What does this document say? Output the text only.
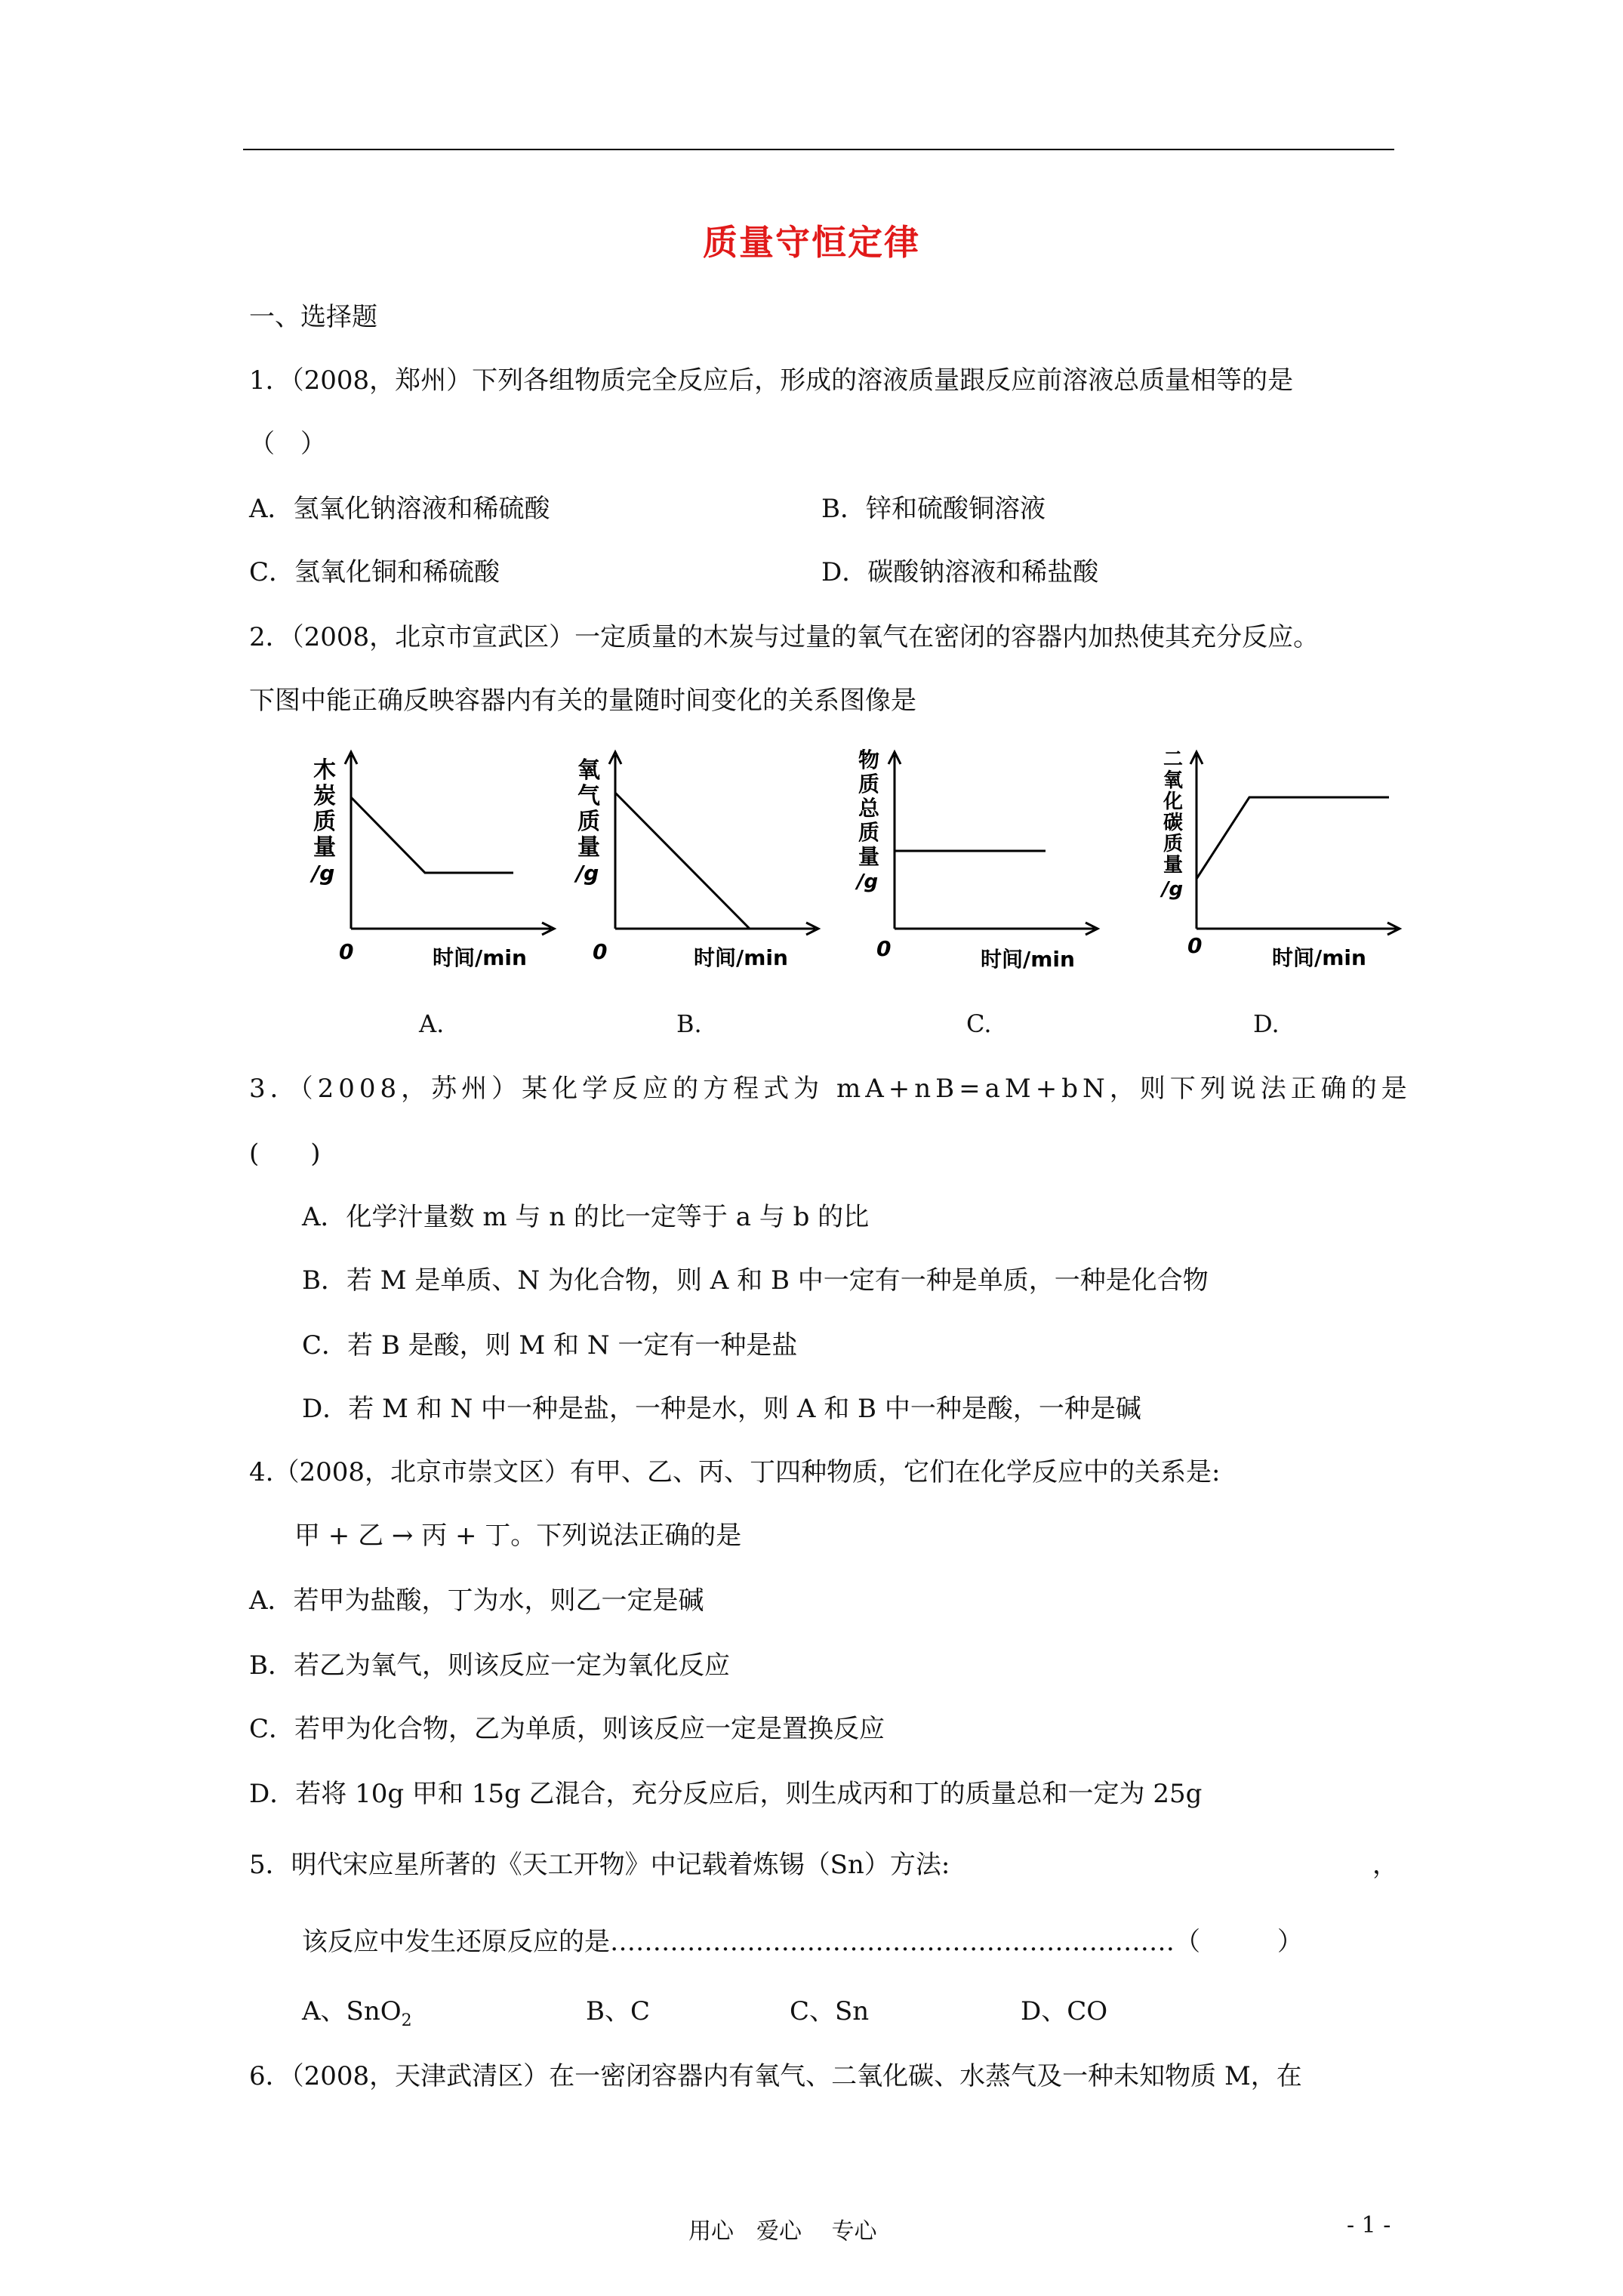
质量守恒定律
一、选择题
1．（2008，郑州）下列各组物质完全反应后，形成的溶液质量跟反应前溶液总质量相等的是
（　）
A．氢氧化钠溶液和稀硫酸	B．锌和硫酸铜溶液
C．氢氧化铜和稀硫酸	D．碳酸钠溶液和稀盐酸
2．（2008，北京市宣武区）一定质量的木炭与过量的氧气在密闭的容器内加热使其充分反应。
下图中能正确反映容器内有关的量随时间变化的关系图像是
木
炭
质
量
/g
0	时间/min
氧
气
质
量
/g
0	时间/min
物
质
总
质
量
/g
0	时间/min
二
氧
化
碳
质
量
/g
0	时间/min
A.	B.	C.	D.
3．（2008，苏州）某化学反应的方程式为 mA+nB=aM+bN，则下列说法正确的是
(　　)
A．化学汁量数 m 与 n 的比一定等于 a 与 b 的比
B．若 M 是单质、N 为化合物，则 A 和 B 中一定有一种是单质，一种是化合物
C．若 B 是酸，则 M 和 N 一定有一种是盐
D．若 M 和 N 中一种是盐，一种是水，则 A 和 B 中一种是酸，一种是碱
4.（2008，北京市崇文区）有甲、乙、丙、丁四种物质，它们在化学反应中的关系是:
甲 + 乙 → 丙 + 丁。下列说法正确的是
A．若甲为盐酸，丁为水，则乙一定是碱
B．若乙为氧气，则该反应一定为氧化反应
C．若甲为化合物，乙为单质，则该反应一定是置换反应
D．若将 10g 甲和 15g 乙混合，充分反应后，则生成丙和丁的质量总和一定为 25g
5．明代宋应星所著的《天工开物》中记载着炼锡（Sn）方法:	，
该反应中发生还原反应的是…………………………………………………………（　　　）
A、SnO$_2$	B、C	C、Sn	D、CO
6．（2008，天津武清区）在一密闭容器内有氧气、二氧化碳、水蒸气及一种未知物质 M，在
用心　爱心　 专心	- 1 -
